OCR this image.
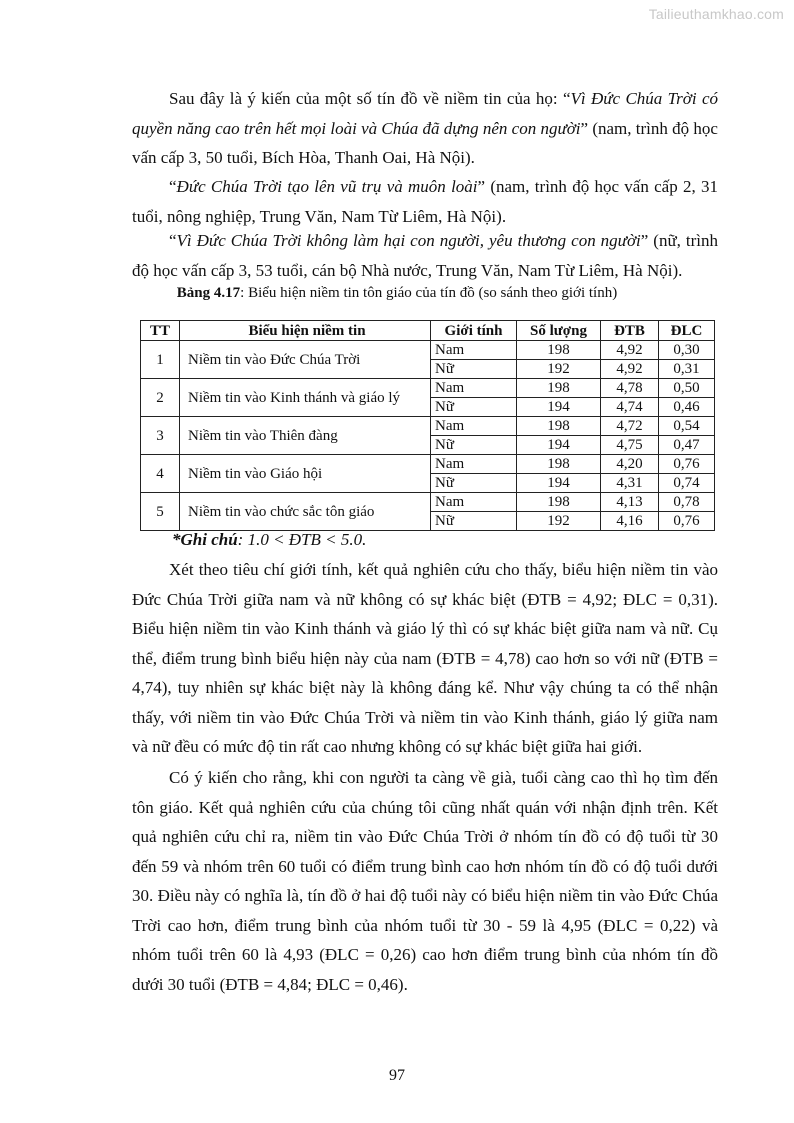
Tailieuthamkhao.com

Sau đây là ý kiến của một số tín đồ về niềm tin của họ: “Vì Đức Chúa Trời có quyền năng cao trên hết mọi loài và Chúa đã dựng nên con người” (nam, trình độ học vấn cấp 3, 50 tuổi, Bích Hòa, Thanh Oai, Hà Nội).

“Đức Chúa Trời tạo lên vũ trụ và muôn loài” (nam, trình độ học vấn cấp 2, 31 tuổi, nông nghiệp, Trung Văn, Nam Từ Liêm, Hà Nội).

“Vì Đức Chúa Trời không làm hại con người, yêu thương con người” (nữ, trình độ học vấn cấp 3, 53 tuổi, cán bộ Nhà nước, Trung Văn, Nam Từ Liêm, Hà Nội).

Bảng 4.17: Biểu hiện niềm tin tôn giáo của tín đồ (so sánh theo giới tính)
TT	Biểu hiện niềm tin	Giới tính	Số lượng	ĐTB	ĐLC
1	Niềm tin vào Đức Chúa Trời	Nam	198	4,92	0,30
		Nữ	192	4,92	0,31
2	Niềm tin vào Kinh thánh và giáo lý	Nam	198	4,78	0,50
		Nữ	194	4,74	0,46
3	Niềm tin vào Thiên đàng	Nam	198	4,72	0,54
		Nữ	194	4,75	0,47
4	Niềm tin vào Giáo hội	Nam	198	4,20	0,76
		Nữ	194	4,31	0,74
5	Niềm tin vào chức sắc tôn giáo	Nam	198	4,13	0,78
		Nữ	192	4,16	0,76
*Ghi chú: 1.0 < ĐTB < 5.0.

Xét theo tiêu chí giới tính, kết quả nghiên cứu cho thấy, biểu hiện niềm tin vào Đức Chúa Trời giữa nam và nữ không có sự khác biệt (ĐTB = 4,92; ĐLC = 0,31). Biểu hiện niềm tin vào Kinh thánh và giáo lý thì có sự khác biệt giữa nam và nữ. Cụ thể, điểm trung bình biểu hiện này của nam (ĐTB = 4,78) cao hơn so với nữ (ĐTB = 4,74), tuy nhiên sự khác biệt này là không đáng kể. Như vậy chúng ta có thể nhận thấy, với niềm tin vào Đức Chúa Trời và niềm tin vào Kinh thánh, giáo lý giữa nam và nữ đều có mức độ tin rất cao nhưng không có sự khác biệt giữa hai giới.

Có ý kiến cho rằng, khi con người ta càng về già, tuổi càng cao thì họ tìm đến tôn giáo. Kết quả nghiên cứu của chúng tôi cũng nhất quán với nhận định trên. Kết quả nghiên cứu chỉ ra, niềm tin vào Đức Chúa Trời ở nhóm tín đồ có độ tuổi từ 30 đến 59 và nhóm trên 60 tuổi có điểm trung bình cao hơn nhóm tín đồ có độ tuổi dưới 30. Điều này có nghĩa là, tín đồ ở hai độ tuổi này có biểu hiện niềm tin vào Đức Chúa Trời cao hơn, điểm trung bình của nhóm tuổi từ 30 - 59 là 4,95 (ĐLC = 0,22) và nhóm tuổi trên 60 là 4,93 (ĐLC = 0,26) cao hơn điểm trung bình của nhóm tín đồ dưới 30 tuổi (ĐTB = 4,84; ĐLC = 0,46).

97
